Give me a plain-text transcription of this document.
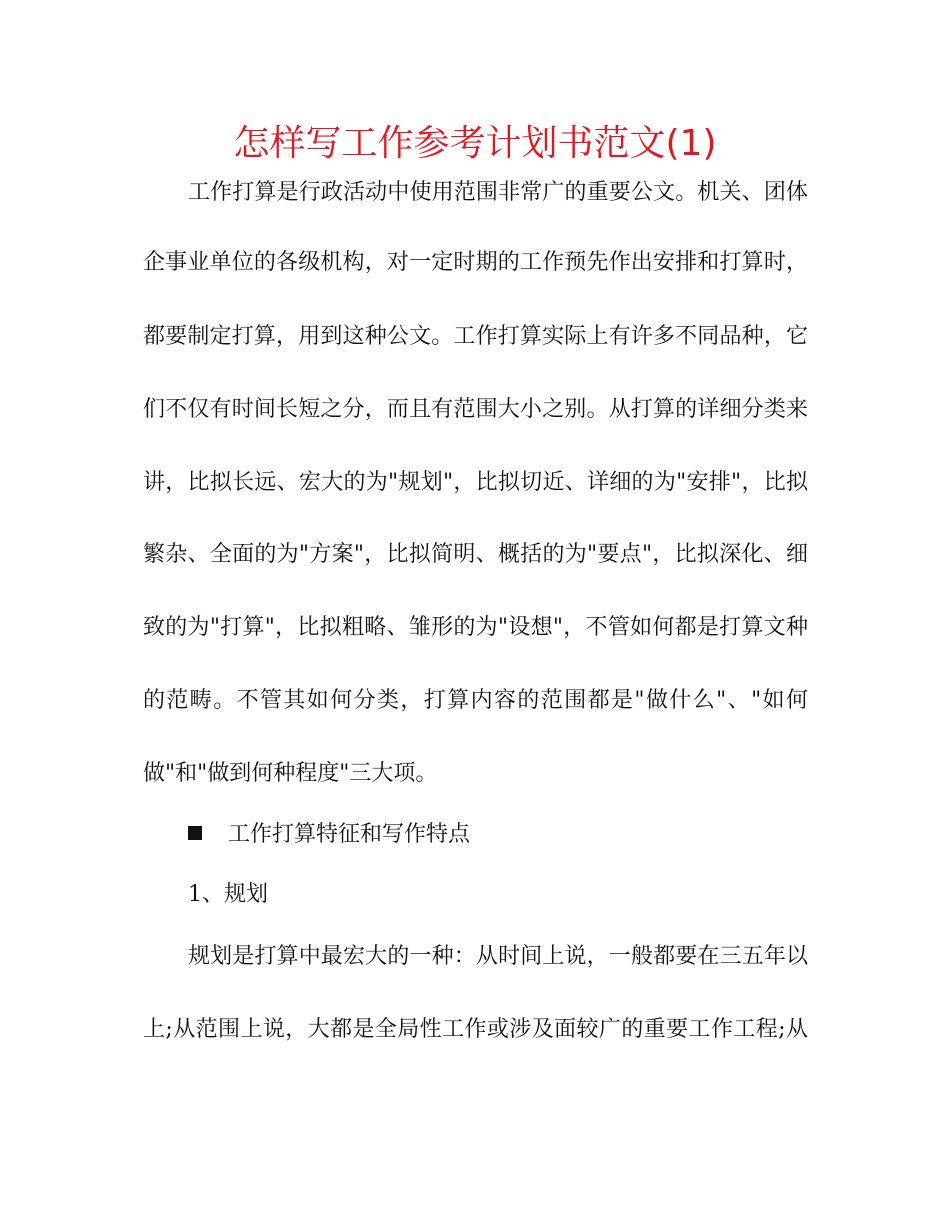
怎样写工作参考计划书范文(1)
工作打算是行政活动中使用范围非常广的重要公文。机关、团体
企事业单位的各级机构，对一定时期的工作预先作出安排和打算时，
都要制定打算，用到这种公文。工作打算实际上有许多不同品种，它
们不仅有时间长短之分，而且有范围大小之别。从打算的详细分类来
讲，比拟长远、宏大的为"规划"，比拟切近、详细的为"安排"，比拟
繁杂、全面的为"方案"，比拟简明、概括的为"要点"，比拟深化、细
致的为"打算"，比拟粗略、雏形的为"设想"，不管如何都是打算文种
的范畴。不管其如何分类，打算内容的范围都是"做什么"、"如何
做"和"做到何种程度"三大项。
工作打算特征和写作特点
1、规划
规划是打算中最宏大的一种：从时间上说，一般都要在三五年以
上;从范围上说，大都是全局性工作或涉及面较广的重要工作工程;从
